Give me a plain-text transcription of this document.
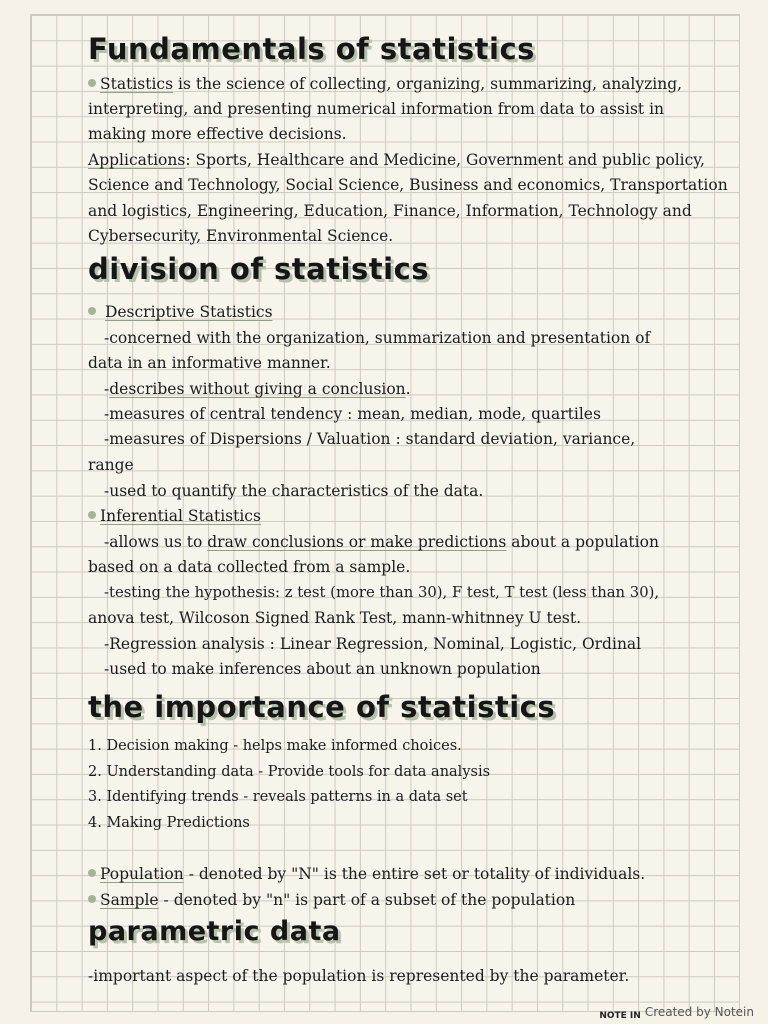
Fundamentals of statistics
Statistics is the science of collecting, organizing, summarizing, analyzing,
interpreting, and presenting numerical information from data to assist in
making more effective decisions.
Applications: Sports, Healthcare and Medicine, Government and public policy,
Science and Technology, Social Science, Business and economics, Transportation
and logistics, Engineering, Education, Finance, Information, Technology and
Cybersecurity, Environmental Science.
division of statistics
Descriptive Statistics
-concerned with the organization, summarization and presentation of
data in an informative manner.
-describes without giving a conclusion.
-measures of central tendency : mean, median, mode, quartiles
-measures of Dispersions / Valuation : standard deviation, variance,
range
-used to quantify the characteristics of the data.
Inferential Statistics
-allows us to draw conclusions or make predictions about a population
based on a data collected from a sample.
-testing the hypothesis: z test (more than 30), F test, T test (less than 30),
anova test, Wilcoson Signed Rank Test, mann-whitnney U test.
-Regression analysis : Linear Regression, Nominal, Logistic, Ordinal
-used to make inferences about an unknown population
the importance of statistics
1. Decision making - helps make informed choices.
2. Understanding data - Provide tools for data analysis
3. Identifying trends - reveals patterns in a data set
4. Making Predictions
Population - denoted by "N" is the entire set or totality of individuals.
Sample - denoted by "n" is part of a subset of the population
parametric data
-important aspect of the population is represented by the parameter.
NOTE IN Created by Notein
